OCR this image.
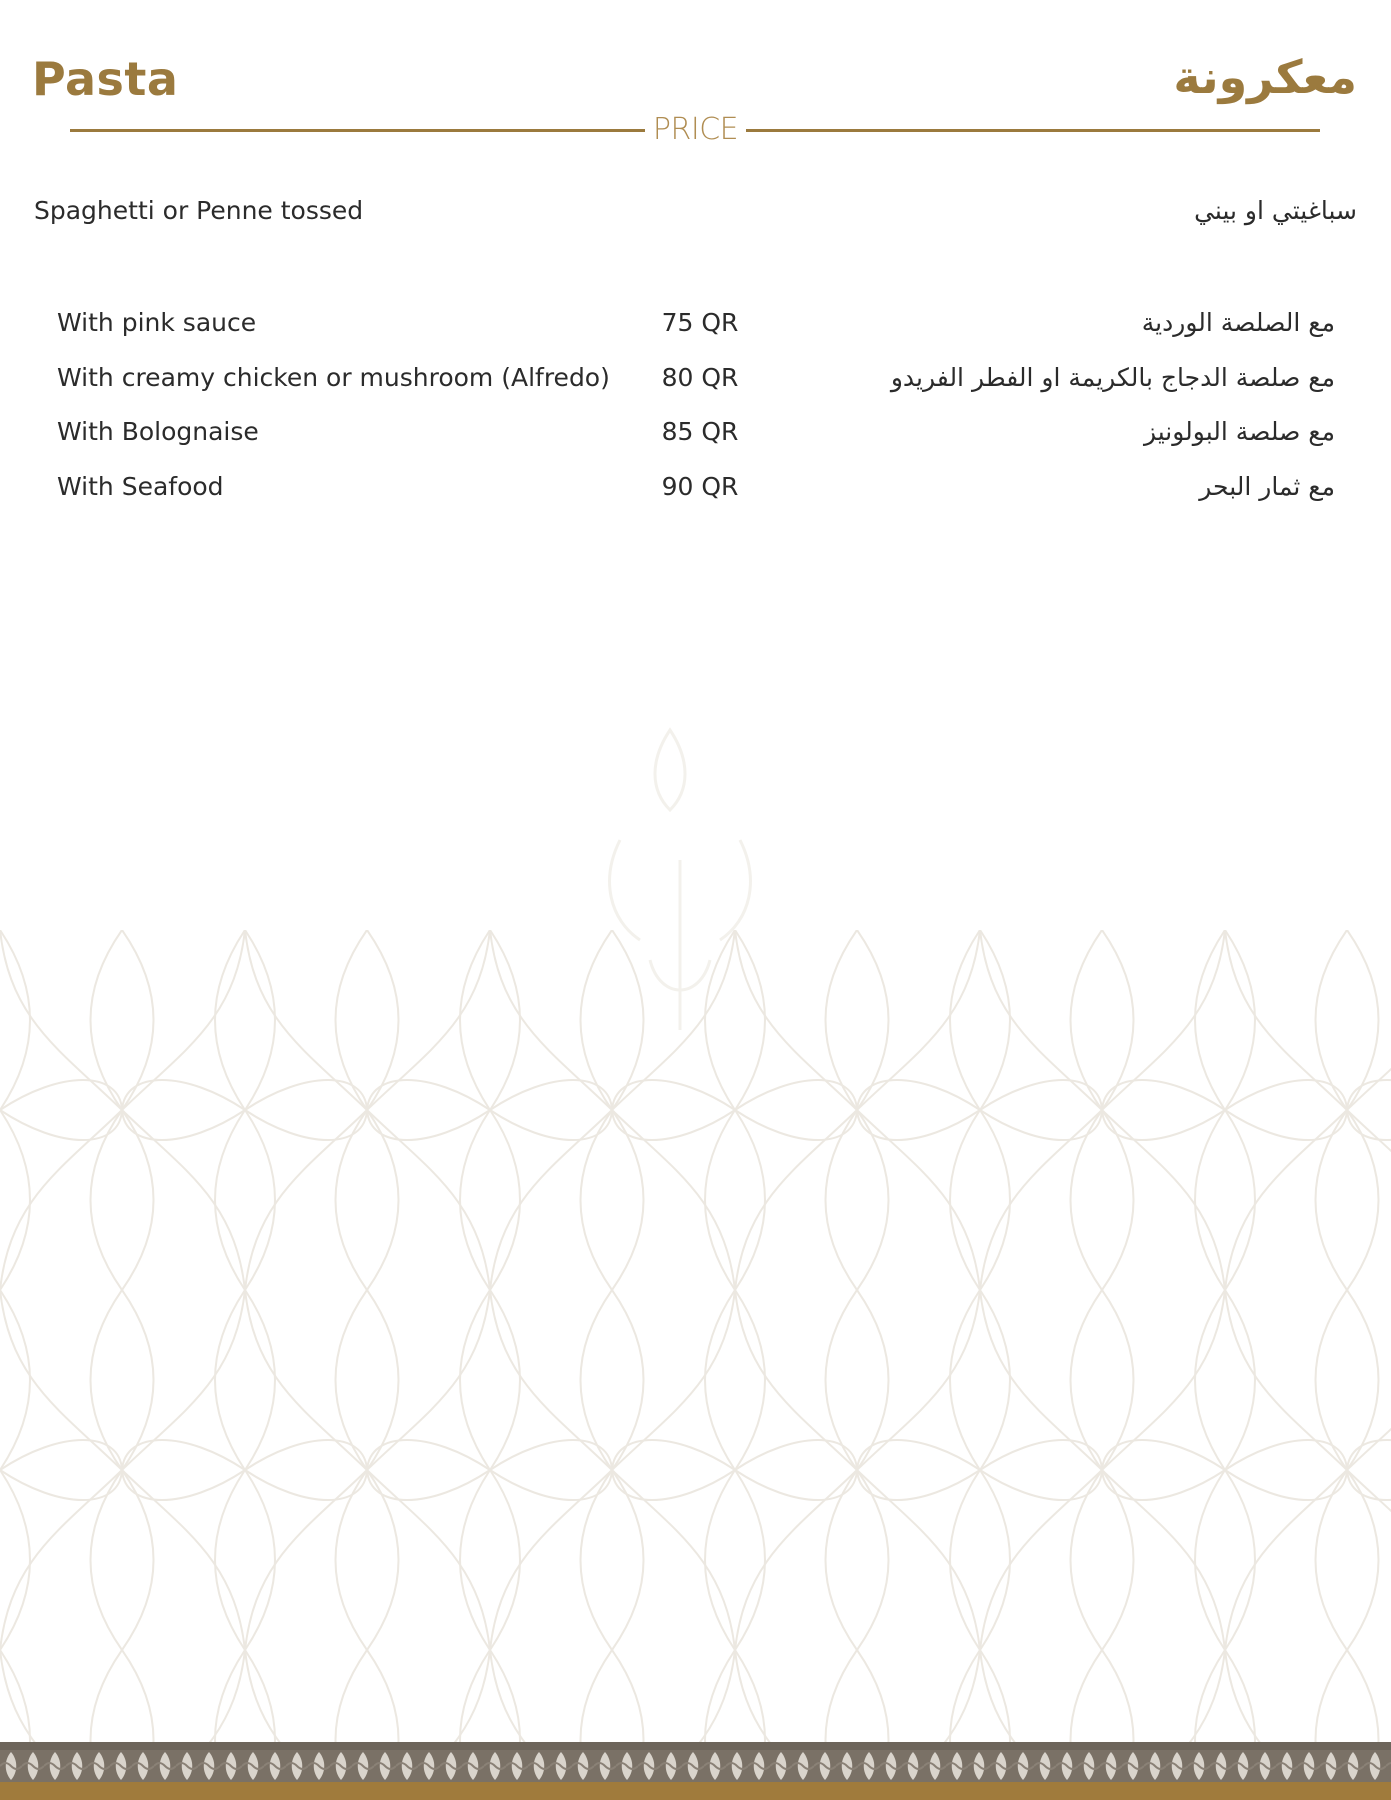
Pasta	معكرونة
PRICE
Spaghetti or Penne tossed	سباغيتي او بيني
With pink sauce	75 QR	مع الصلصة الوردية
With creamy chicken or mushroom (Alfredo)	80 QR	مع صلصة الدجاج بالكريمة او الفطر الفريدو
With Bolognaise	85 QR	مع صلصة البولونيز
With Seafood	90 QR	مع ثمار البحر
